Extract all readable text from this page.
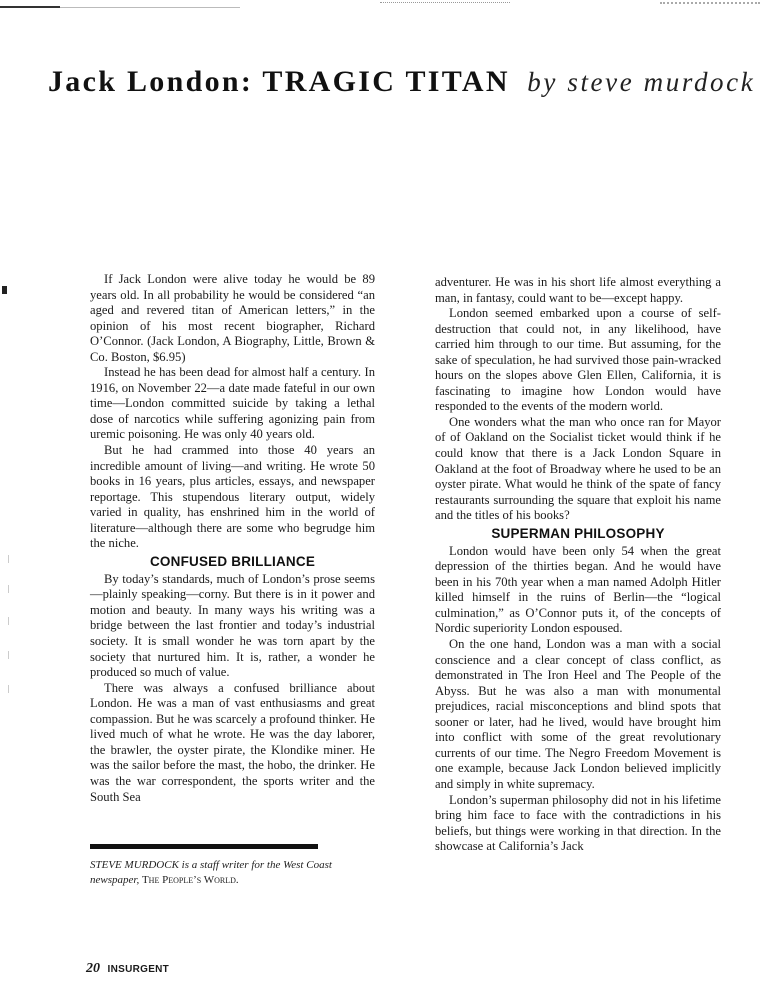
Jack London: TRAGIC TITAN by steve murdock

If Jack London were alive today he would be 89 years old. In all probability he would be considered “an aged and revered titan of American letters,” in the opinion of his most recent biographer, Richard O’Connor. (Jack London, A Biography, Little, Brown & Co. Boston, $6.95)

Instead he has been dead for almost half a century. In 1916, on November 22—a date made fateful in our own time—London committed suicide by taking a lethal dose of narcotics while suffering agonizing pain from uremic poisoning. He was only 40 years old.

But he had crammed into those 40 years an incredible amount of living—and writing. He wrote 50 books in 16 years, plus articles, essays, and newspaper reportage. This stupendous literary output, widely varied in quality, has enshrined him in the world of literature—although there are some who begrudge him the niche.

CONFUSED BRILLIANCE

By today’s standards, much of London’s prose seems—plainly speaking—corny. But there is in it power and motion and beauty. In many ways his writing was a bridge between the last frontier and today’s industrial society. It is small wonder he was torn apart by the society that nurtured him. It is, rather, a wonder he produced so much of value.

There was always a confused brilliance about London. He was a man of vast enthusiasms and great compassion. But he was scarcely a profound thinker. He lived much of what he wrote. He was the day laborer, the brawler, the oyster pirate, the Klondike miner. He was the sailor before the mast, the hobo, the drinker. He was the war correspondent, the sports writer and the South Sea

adventurer. He was in his short life almost everything a man, in fantasy, could want to be—except happy.

London seemed embarked upon a course of self-destruction that could not, in any likelihood, have carried him through to our time. But assuming, for the sake of speculation, he had survived those pain-wracked hours on the slopes above Glen Ellen, California, it is fascinating to imagine how London would have responded to the events of the modern world.

One wonders what the man who once ran for Mayor of of Oakland on the Socialist ticket would think if he could know that there is a Jack London Square in Oakland at the foot of Broadway where he used to be an oyster pirate. What would he think of the spate of fancy restaurants surrounding the square that exploit his name and the titles of his books?

SUPERMAN PHILOSOPHY

London would have been only 54 when the great depression of the thirties began. And he would have been in his 70th year when a man named Adolph Hitler killed himself in the ruins of Berlin—the “logical culmination,” as O’Connor puts it, of the concepts of Nordic superiority London espoused.

On the one hand, London was a man with a social conscience and a clear concept of class conflict, as demonstrated in The Iron Heel and The People of the Abyss. But he was also a man with monumental prejudices, racial misconceptions and blind spots that sooner or later, had he lived, would have brought him into conflict with some of the great revolutionary currents of our time. The Negro Freedom Movement is one example, because Jack London believed implicitly and simply in white supremacy.

London’s superman philosophy did not in his lifetime bring him face to face with the contradictions in his beliefs, but things were working in that direction. In the showcase at California’s Jack

STEVE MURDOCK is a staff writer for the West Coast newspaper, The People’s World.
20 INSURGENT
